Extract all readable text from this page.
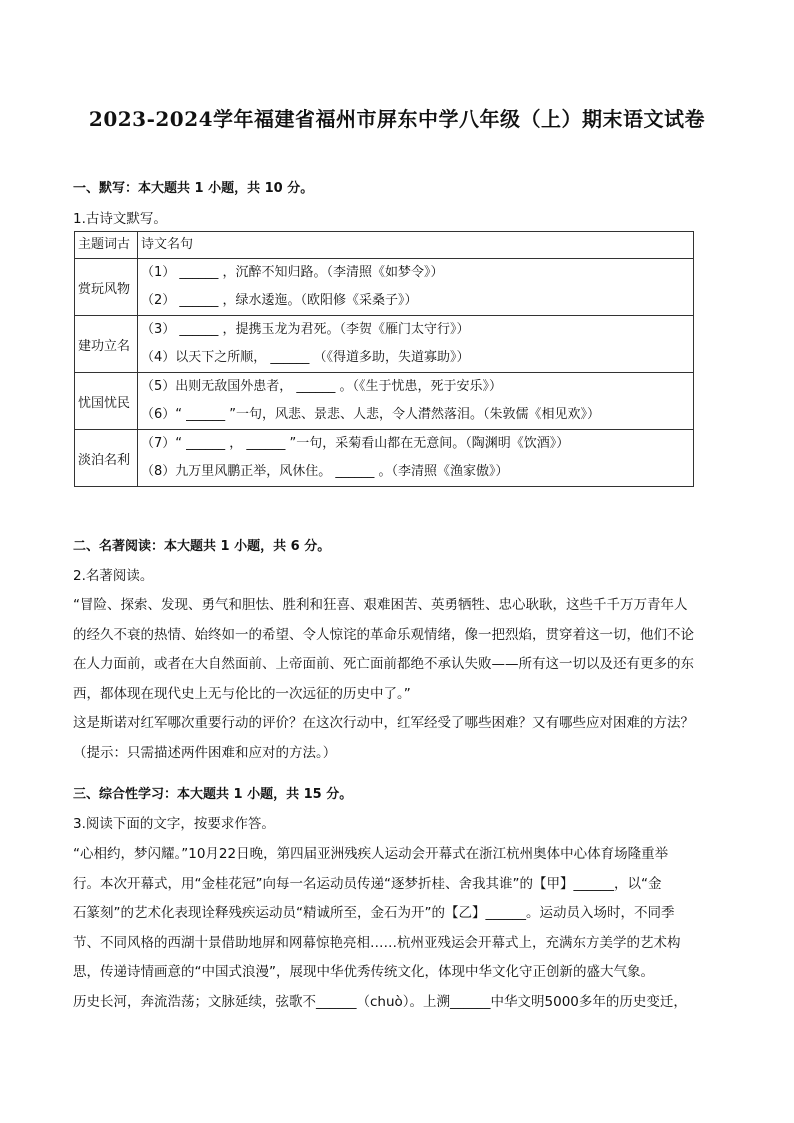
2023-2024学年福建省福州市屏东中学八年级（上）期末语文试卷
一、默写：本大题共 1 小题，共 10 分。
1.古诗文默写。
主题词古	诗文名句
赏玩风物	（1） ______ ，沉醉不知归路。（李清照《如梦令》）
（2） ______ ，绿水逶迤。（欧阳修《采桑子》）

建功立名	（3） ______ ，提携玉龙为君死。（李贺《雁门太守行》）
（4）以天下之所顺， ______ （《得道多助，失道寡助》）

忧国忧民	（5）出则无敌国外患者， ______ 。（《生于忧患，死于安乐》）
（6）“ ______ ”一句，风悲、景悲、人悲，令人潸然落泪。（朱敦儒《相见欢》）

淡泊名利	（7）“ ______ ， ______ ”一句，采菊看山都在无意间。（陶渊明《饮酒》）
（8）九万里风鹏正举，风休住。 ______ 。（李清照《渔家傲》）
二、名著阅读：本大题共 1 小题，共 6 分。
2.名著阅读。
“冒险、探索、发现、勇气和胆怯、胜利和狂喜、艰难困苦、英勇牺牲、忠心耿耿，这些千千万万青年人
的经久不衰的热情、始终如一的希望、令人惊诧的革命乐观情绪，像一把烈焰，贯穿着这一切，他们不论
在人力面前，或者在大自然面前、上帝面前、死亡面前都绝不承认失败——所有这一切以及还有更多的东
西，都体现在现代史上无与伦比的一次远征的历史中了。”
这是斯诺对红军哪次重要行动的评价？在这次行动中，红军经受了哪些困难？又有哪些应对困难的方法？
（提示：只需描述两件困难和应对的方法。）
三、综合性学习：本大题共 1 小题，共 15 分。
3.阅读下面的文字，按要求作答。
“心相约，梦闪耀。”10月22日晚，第四届亚洲残疾人运动会开幕式在浙江杭州奥体中心体育场隆重举
行。本次开幕式，用“金桂花冠”向每一名运动员传递“逐梦折桂、舍我其谁”的【甲】______，以“金
石篆刻”的艺术化表现诠释残疾运动员“精诚所至，金石为开”的【乙】______。运动员入场时，不同季
节、不同风格的西湖十景借助地屏和网幕惊艳亮相……杭州亚残运会开幕式上，充满东方美学的艺术构
思，传递诗情画意的“中国式浪漫”，展现中华优秀传统文化，体现中华文化守正创新的盛大气象。
历史长河，奔流浩荡；文脉延续，弦歌不______（chuò）。上溯______中华文明5000多年的历史变迁，
